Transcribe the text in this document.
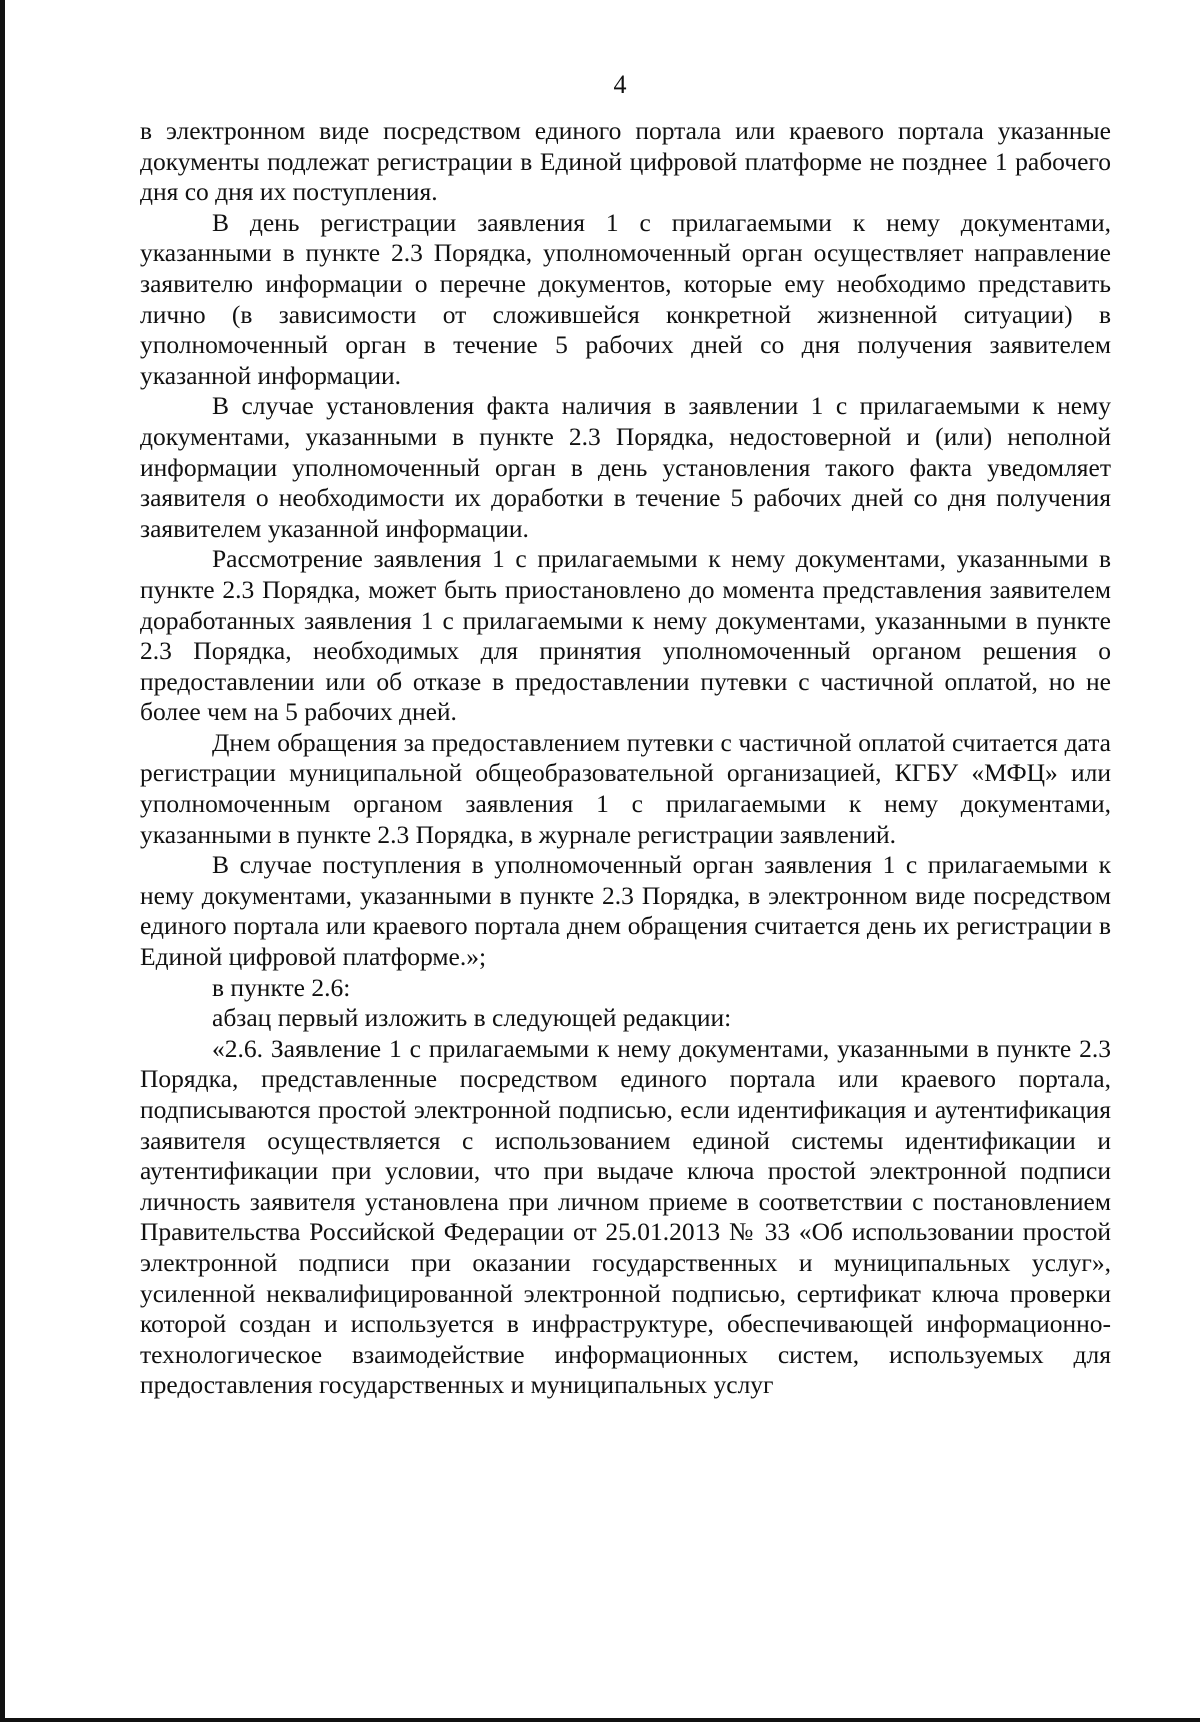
4

в электронном виде посредством единого портала или краевого портала указанные документы подлежат регистрации в Единой цифровой платформе не позднее 1 рабочего дня со дня их поступления.

В день регистрации заявления 1 с прилагаемыми к нему документами, указанными в пункте 2.3 Порядка, уполномоченный орган осуществляет направление заявителю информации о перечне документов, которые ему необходимо представить лично (в зависимости от сложившейся конкретной жизненной ситуации) в уполномоченный орган в течение 5 рабочих дней со дня получения заявителем указанной информации.

В случае установления факта наличия в заявлении 1 с прилагаемыми к нему документами, указанными в пункте 2.3 Порядка, недостоверной и (или) неполной информации уполномоченный орган в день установления такого факта уведомляет заявителя о необходимости их доработки в течение 5 рабочих дней со дня получения заявителем указанной информации.

Рассмотрение заявления 1 с прилагаемыми к нему документами, указанными в пункте 2.3 Порядка, может быть приостановлено до момента представления заявителем доработанных заявления 1 с прилагаемыми к нему документами, указанными в пункте 2.3 Порядка, необходимых для принятия уполномоченный органом решения о предоставлении или об отказе в предоставлении путевки с частичной оплатой, но не более чем на 5 рабочих дней.

Днем обращения за предоставлением путевки с частичной оплатой считается дата регистрации муниципальной общеобразовательной организацией, КГБУ «МФЦ» или уполномоченным органом заявления 1 с прилагаемыми к нему документами, указанными в пункте 2.3 Порядка, в журнале регистрации заявлений.

В случае поступления в уполномоченный орган заявления 1 с прилагаемыми к нему документами, указанными в пункте 2.3 Порядка, в электронном виде посредством единого портала или краевого портала днем обращения считается день их регистрации в Единой цифровой платформе.»;

в пункте 2.6:

абзац первый изложить в следующей редакции:

«2.6. Заявление 1 с прилагаемыми к нему документами, указанными в пункте 2.3 Порядка, представленные посредством единого портала или краевого портала, подписываются простой электронной подписью, если идентификация и аутентификация заявителя осуществляется с использованием единой системы идентификации и аутентификации при условии, что при выдаче ключа простой электронной подписи личность заявителя установлена при личном приеме в соответствии с постановлением Правительства Российской Федерации от 25.01.2013 № 33 «Об использовании простой электронной подписи при оказании государственных и муниципальных услуг», усиленной неквалифицированной электронной подписью, сертификат ключа проверки которой создан и используется в инфраструктуре, обеспечивающей информационно-технологическое взаимодействие информационных систем, используемых для предоставления государственных и муниципальных услуг
